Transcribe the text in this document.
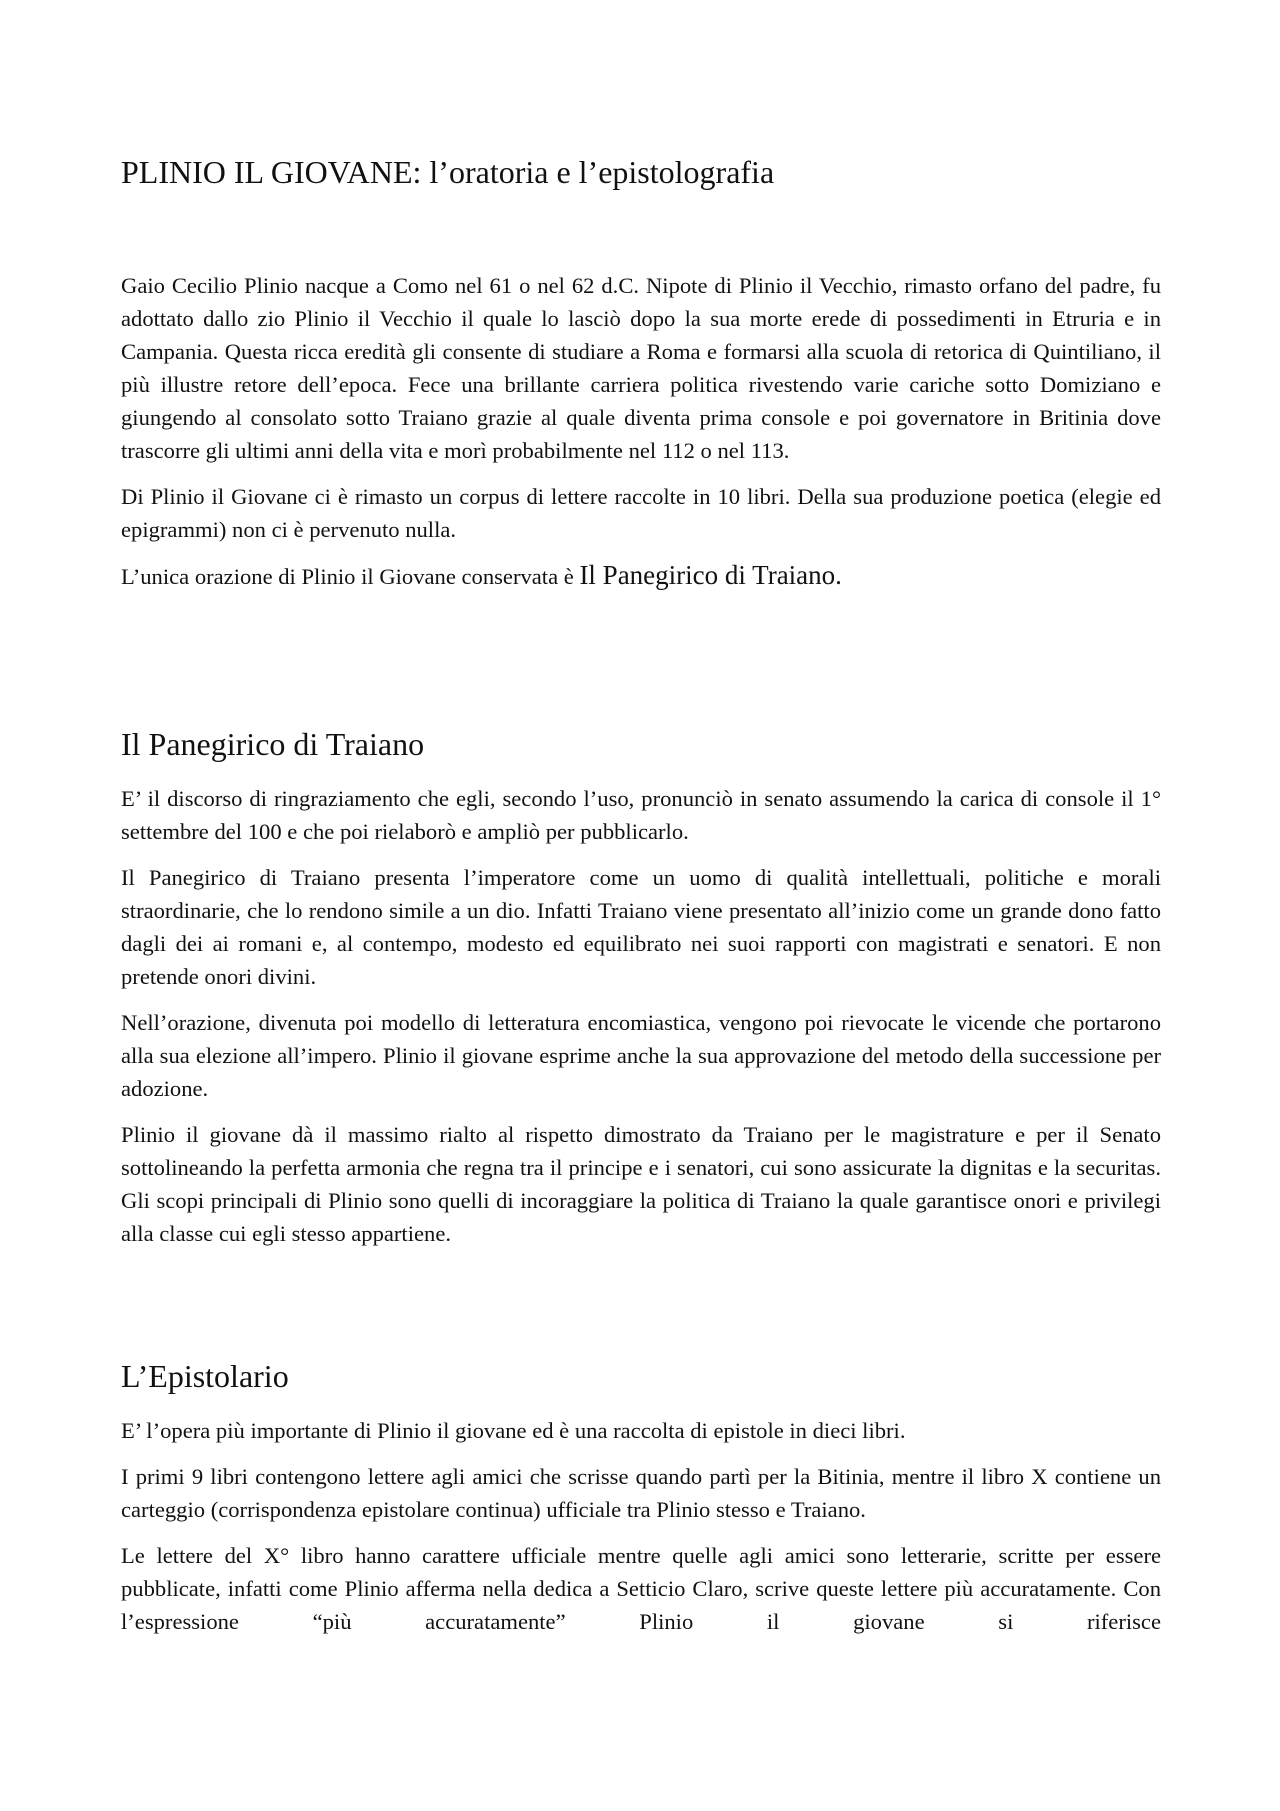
PLINIO IL GIOVANE: l’oratoria e l’epistolografia

Gaio Cecilio Plinio nacque a Como nel 61 o nel 62 d.C. Nipote di Plinio il Vecchio, rimasto orfano del padre, fu adottato dallo zio Plinio il Vecchio il quale lo lasciò dopo la sua morte erede di possedimenti in Etruria e in Campania. Questa ricca eredità gli consente di studiare a Roma e formarsi alla scuola di retorica di Quintiliano, il più illustre retore dell’epoca. Fece una brillante carriera politica rivestendo varie cariche sotto Domiziano e giungendo al consolato sotto Traiano grazie al quale diventa prima console e poi governatore in Britinia dove trascorre gli ultimi anni della vita e morì probabilmente nel 112 o nel 113.

Di Plinio il Giovane ci è rimasto un corpus di lettere raccolte in 10 libri. Della sua produzione poetica (elegie ed epigrammi) non ci è pervenuto nulla.

L’unica orazione di Plinio il Giovane conservata è Il Panegirico di Traiano.

Il Panegirico di Traiano

E’ il discorso di ringraziamento che egli, secondo l’uso, pronunciò in senato assumendo la carica di console il 1° settembre del 100 e che poi rielaborò e ampliò per pubblicarlo.

Il Panegirico di Traiano presenta l’imperatore come un uomo di qualità intellettuali, politiche e morali straordinarie, che lo rendono simile a un dio. Infatti Traiano viene presentato all’inizio come un grande dono fatto dagli dei ai romani e, al contempo, modesto ed equilibrato nei suoi rapporti con magistrati e senatori. E non pretende onori divini.

Nell’orazione, divenuta poi modello di letteratura encomiastica, vengono poi rievocate le vicende che portarono alla sua elezione all’impero. Plinio il giovane esprime anche la sua approvazione del metodo della successione per adozione.

Plinio il giovane dà il massimo rialto al rispetto dimostrato da Traiano per le magistrature e per il Senato sottolineando la perfetta armonia che regna tra il principe e i senatori, cui sono assicurate la dignitas e la securitas. Gli scopi principali di Plinio sono quelli di incoraggiare la politica di Traiano la quale garantisce onori e privilegi alla classe cui egli stesso appartiene.

L’Epistolario

E’ l’opera più importante di Plinio il giovane ed è una raccolta di epistole in dieci libri.

I primi 9 libri contengono lettere agli amici che scrisse quando partì per la Bitinia, mentre il libro X contiene un carteggio (corrispondenza epistolare continua) ufficiale tra Plinio stesso e Traiano.

Le lettere del X° libro hanno carattere ufficiale mentre quelle agli amici sono letterarie, scritte per essere pubblicate, infatti come Plinio afferma nella dedica a Setticio Claro, scrive queste lettere più accuratamente. Con l’espressione “più accuratamente” Plinio il giovane si riferisce
